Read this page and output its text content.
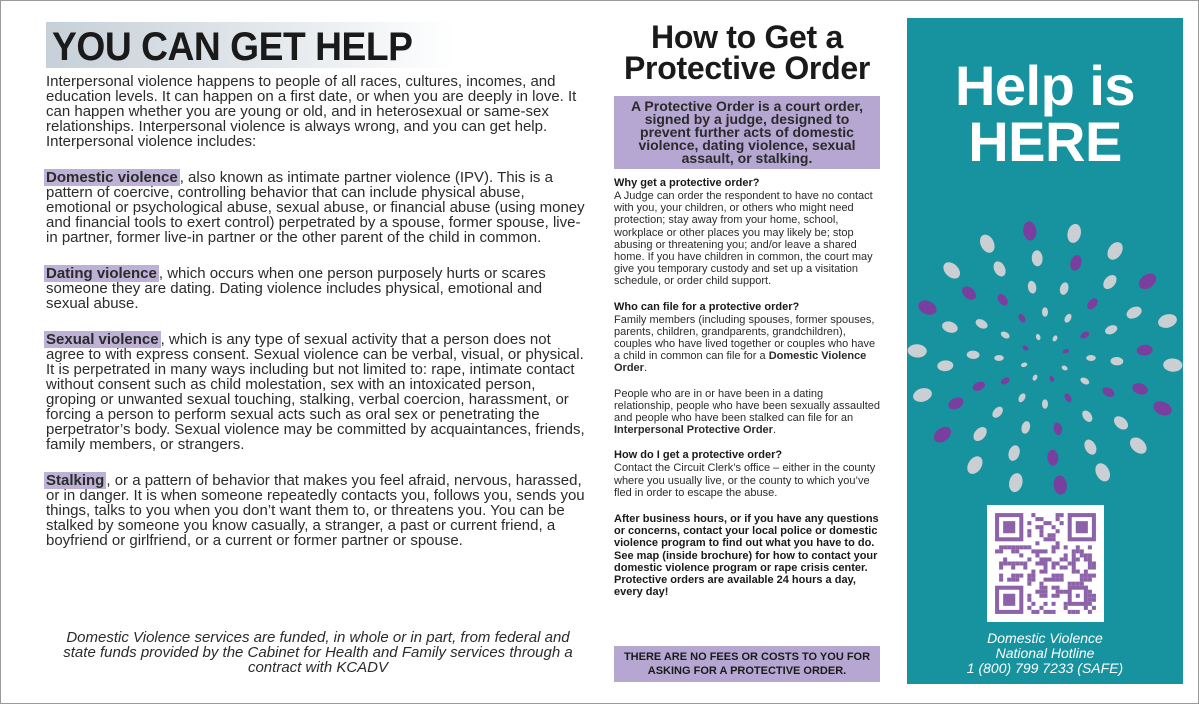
YOU CAN GET HELP

Interpersonal violence happens to people of all races, cultures, incomes, and education levels. It can happen on a first date, or when you are deeply in love. It can happen whether you are young or old, and in heterosexual or same-sex relationships. Interpersonal violence is always wrong, and you can get help. Interpersonal violence includes:

Domestic violence , also known as intimate partner violence (IPV). This is a pattern of coercive, controlling behavior that can include physical abuse, emotional or psychological abuse, sexual abuse, or financial abuse (using money and financial tools to exert control) perpetrated by a spouse, former spouse, live-in partner, former live-in partner or the other parent of the child in common.

Dating violence , which occurs when one person purposely hurts or scares someone they are dating. Dating violence includes physical, emotional and sexual abuse.

Sexual violence , which is any type of sexual activity that a person does not agree to with express consent. Sexual violence can be verbal, visual, or physical. It is perpetrated in many ways including but not limited to: rape, intimate contact without consent such as child molestation, sex with an intoxicated person, groping or unwanted sexual touching, stalking, verbal coercion, harassment, or forcing a person to perform sexual acts such as oral sex or penetrating the perpetrator’s body. Sexual violence may be committed by acquaintances, friends, family members, or strangers.

Stalking , or a pattern of behavior that makes you feel afraid, nervous, harassed, or in danger. It is when someone repeatedly contacts you, follows you, sends you things, talks to you when you don’t want them to, or threatens you. You can be stalked by someone you know casually, a stranger, a past or current friend, a boyfriend or girlfriend, or a current or former partner or spouse.

Domestic Violence services are funded, in whole or in part, from federal and state funds provided by the Cabinet for Health and Family services through a contract with KCADV

How to Get a Protective Order
A Protective Order is a court order, signed by a judge, designed to prevent further acts of domestic violence, dating violence, sexual assault, or stalking.
Why get a protective order?

A Judge can order the respondent to have no contact with you, your children, or others who might need protection; stay away from your home, school, workplace or other places you may likely be; stop abusing or threatening you; and/or leave a shared home. If you have children in common, the court may give you temporary custody and set up a visitation schedule, or order child support.

Who can file for a protective order?

Family members (including spouses, former spouses, parents, children, grandparents, grandchildren), couples who have lived together or couples who have a child in common can file for a Domestic Violence Order.

People who are in or have been in a dating relationship, people who have been sexually assaulted and people who have been stalked can file for an Interpersonal Protective Order.

How do I get a protective order?

Contact the Circuit Clerk’s office – either in the county where you usually live, or the county to which you’ve fled in order to escape the abuse.

After business hours, or if you have any questions or concerns, contact your local police or domestic violence program to find out what you have to do. See map (inside brochure) for how to contact your domestic violence program or rape crisis center. Protective orders are available 24 hours a day, every day!

THERE ARE NO FEES OR COSTS TO YOU FOR ASKING FOR A PROTECTIVE ORDER.
Help is
HERE
Domestic Violence
National Hotline
1 (800) 799 7233 (SAFE)
